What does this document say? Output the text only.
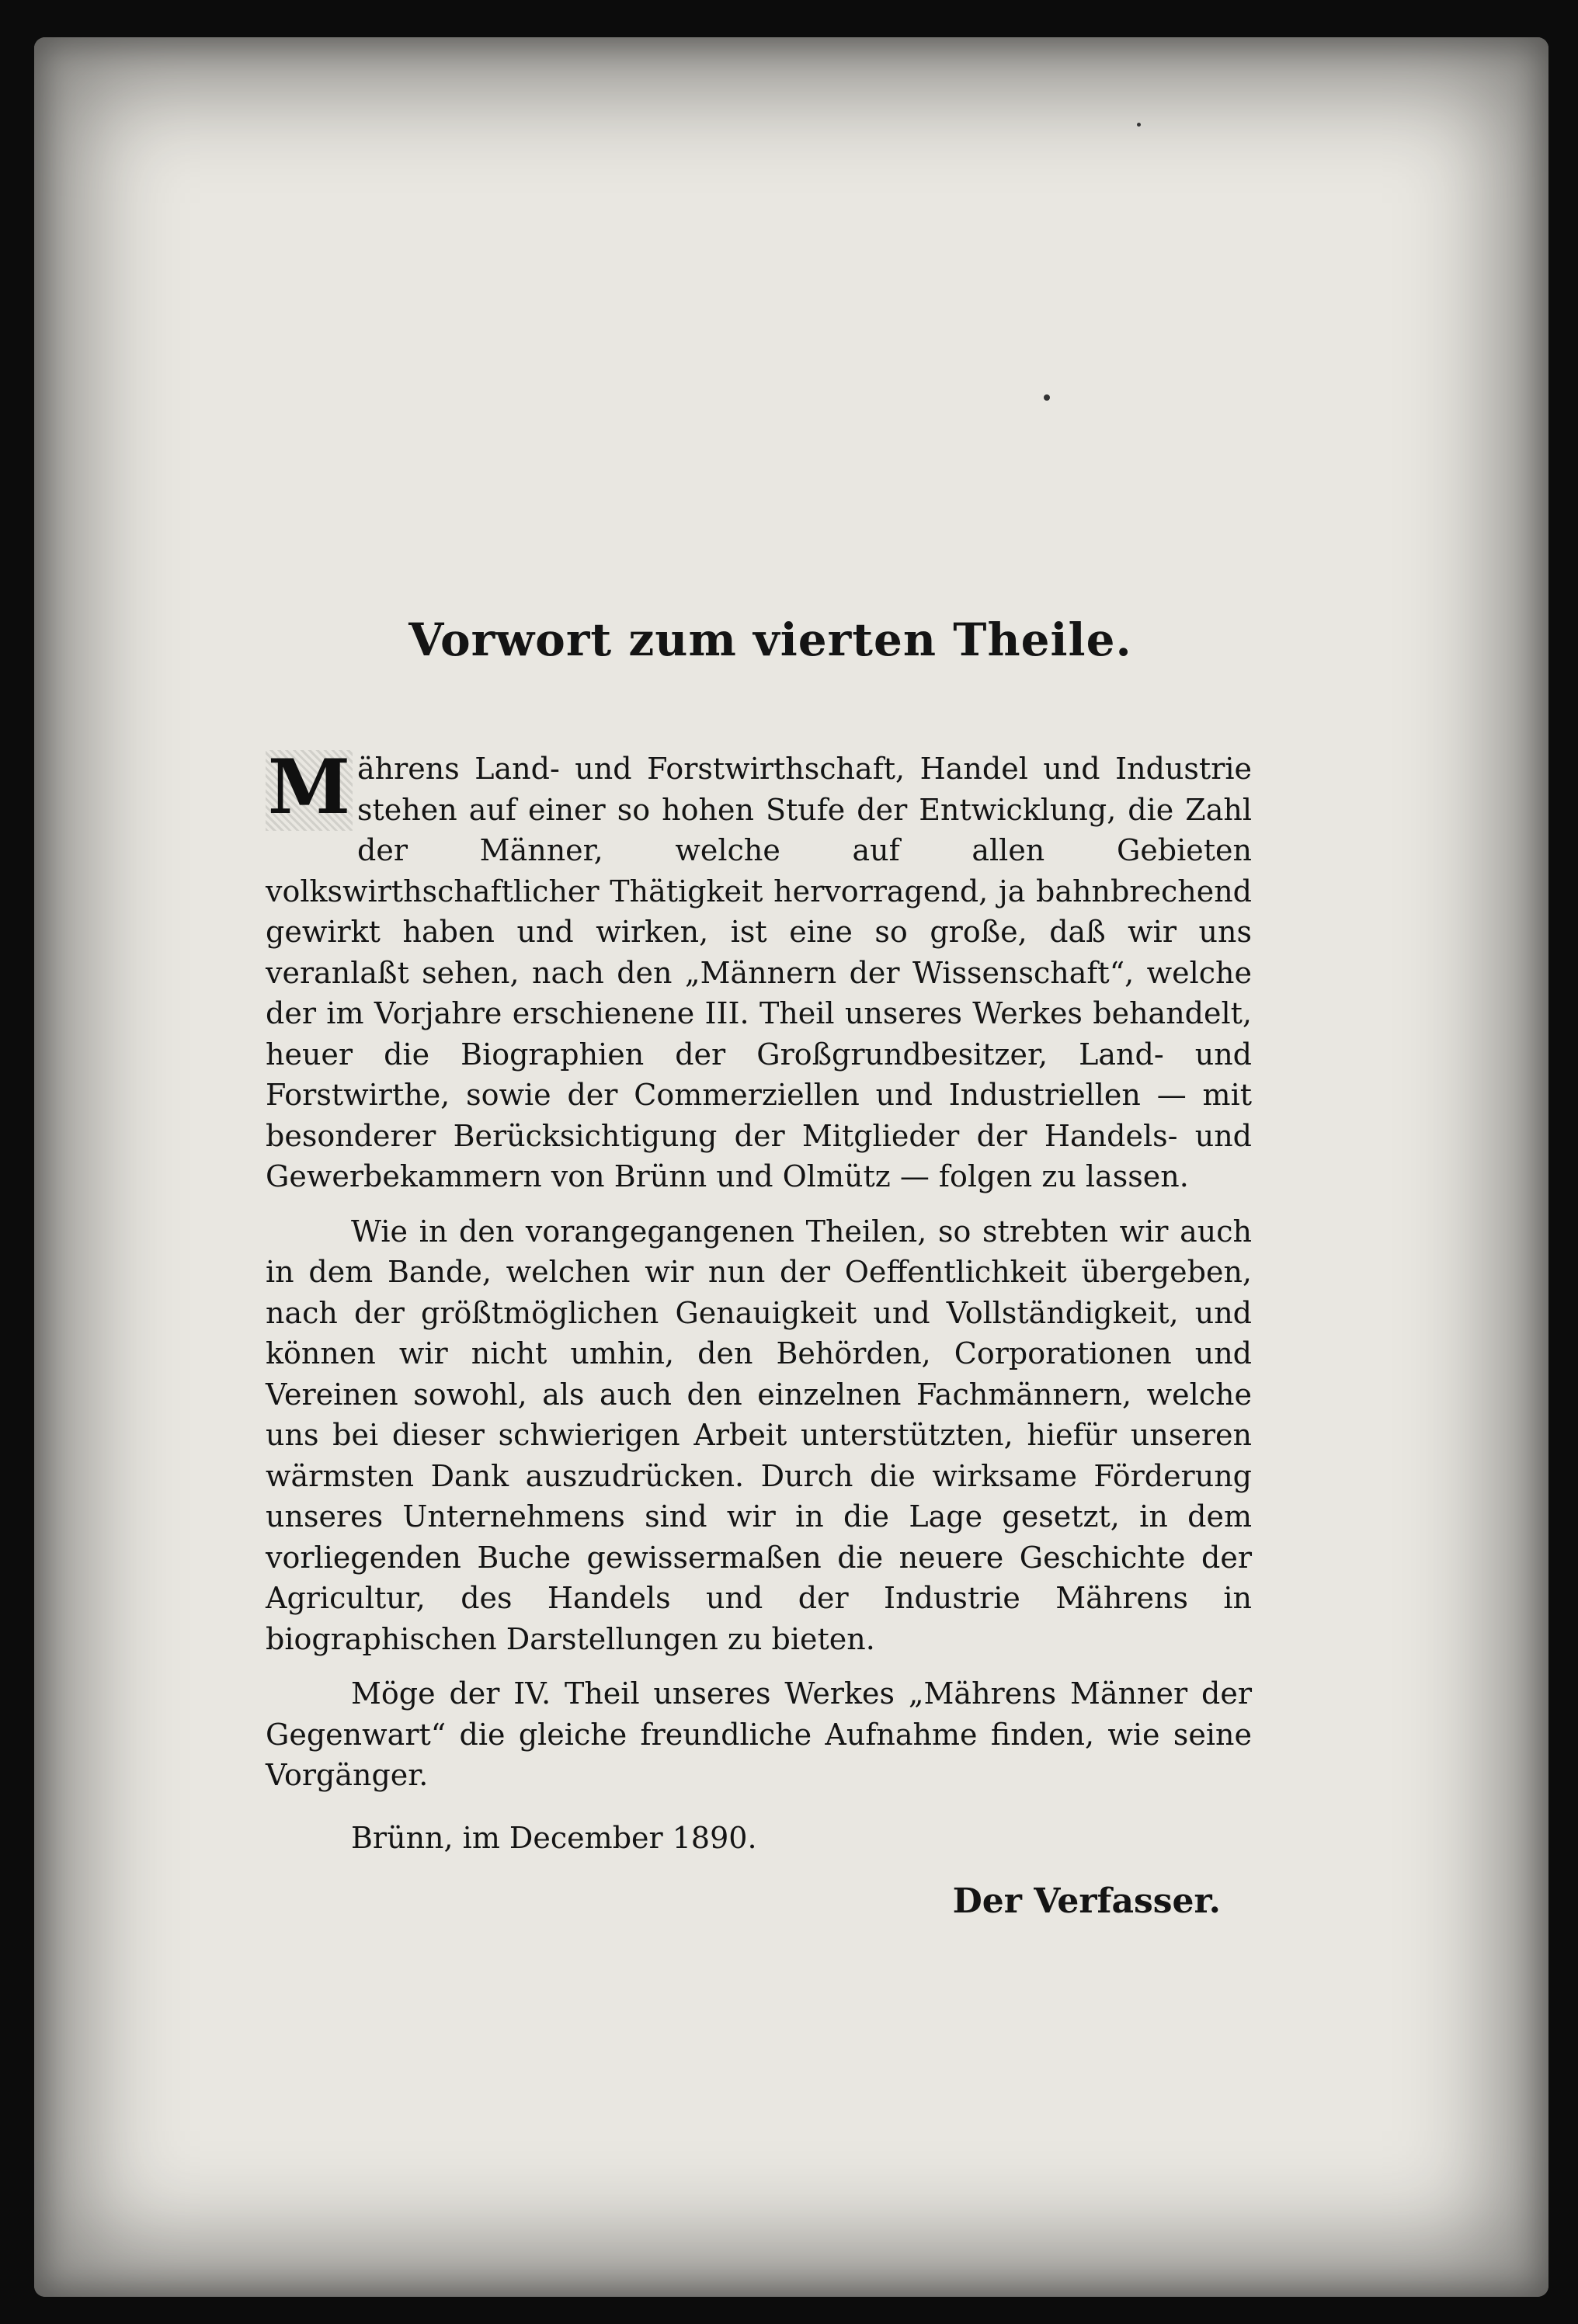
Vorwort zum vierten Theile.

M ährens Land- und Forstwirthschaft, Handel und Industrie stehen auf einer so hohen Stufe der Entwicklung, die Zahl der Männer, welche auf allen Gebieten volkswirthschaftlicher Thätigkeit hervorragend, ja bahnbrechend gewirkt haben und wirken, ist eine so große, daß wir uns veranlaßt sehen, nach den „Männern der Wissenschaft“, welche der im Vorjahre erschienene III. Theil unseres Werkes behandelt, heuer die Biographien der Großgrundbesitzer, Land- und Forstwirthe, sowie der Commerziellen und Industriellen — mit besonderer Berücksichtigung der Mitglieder der Handels- und Gewerbekammern von Brünn und Olmütz — folgen zu lassen.

Wie in den vorangegangenen Theilen, so strebten wir auch in dem Bande, welchen wir nun der Oeffentlichkeit übergeben, nach der größtmöglichen Genauigkeit und Vollständigkeit, und können wir nicht umhin, den Behörden, Corporationen und Vereinen sowohl, als auch den einzelnen Fachmännern, welche uns bei dieser schwierigen Arbeit unterstützten, hiefür unseren wärmsten Dank auszudrücken. Durch die wirksame Förderung unseres Unternehmens sind wir in die Lage gesetzt, in dem vorliegenden Buche gewissermaßen die neuere Geschichte der Agricultur, des Handels und der Industrie Mährens in biographischen Darstellungen zu bieten.

Möge der IV. Theil unseres Werkes „Mährens Männer der Gegenwart“ die gleiche freundliche Aufnahme finden, wie seine Vorgänger.

Brünn, im December 1890.

Der Verfasser.
